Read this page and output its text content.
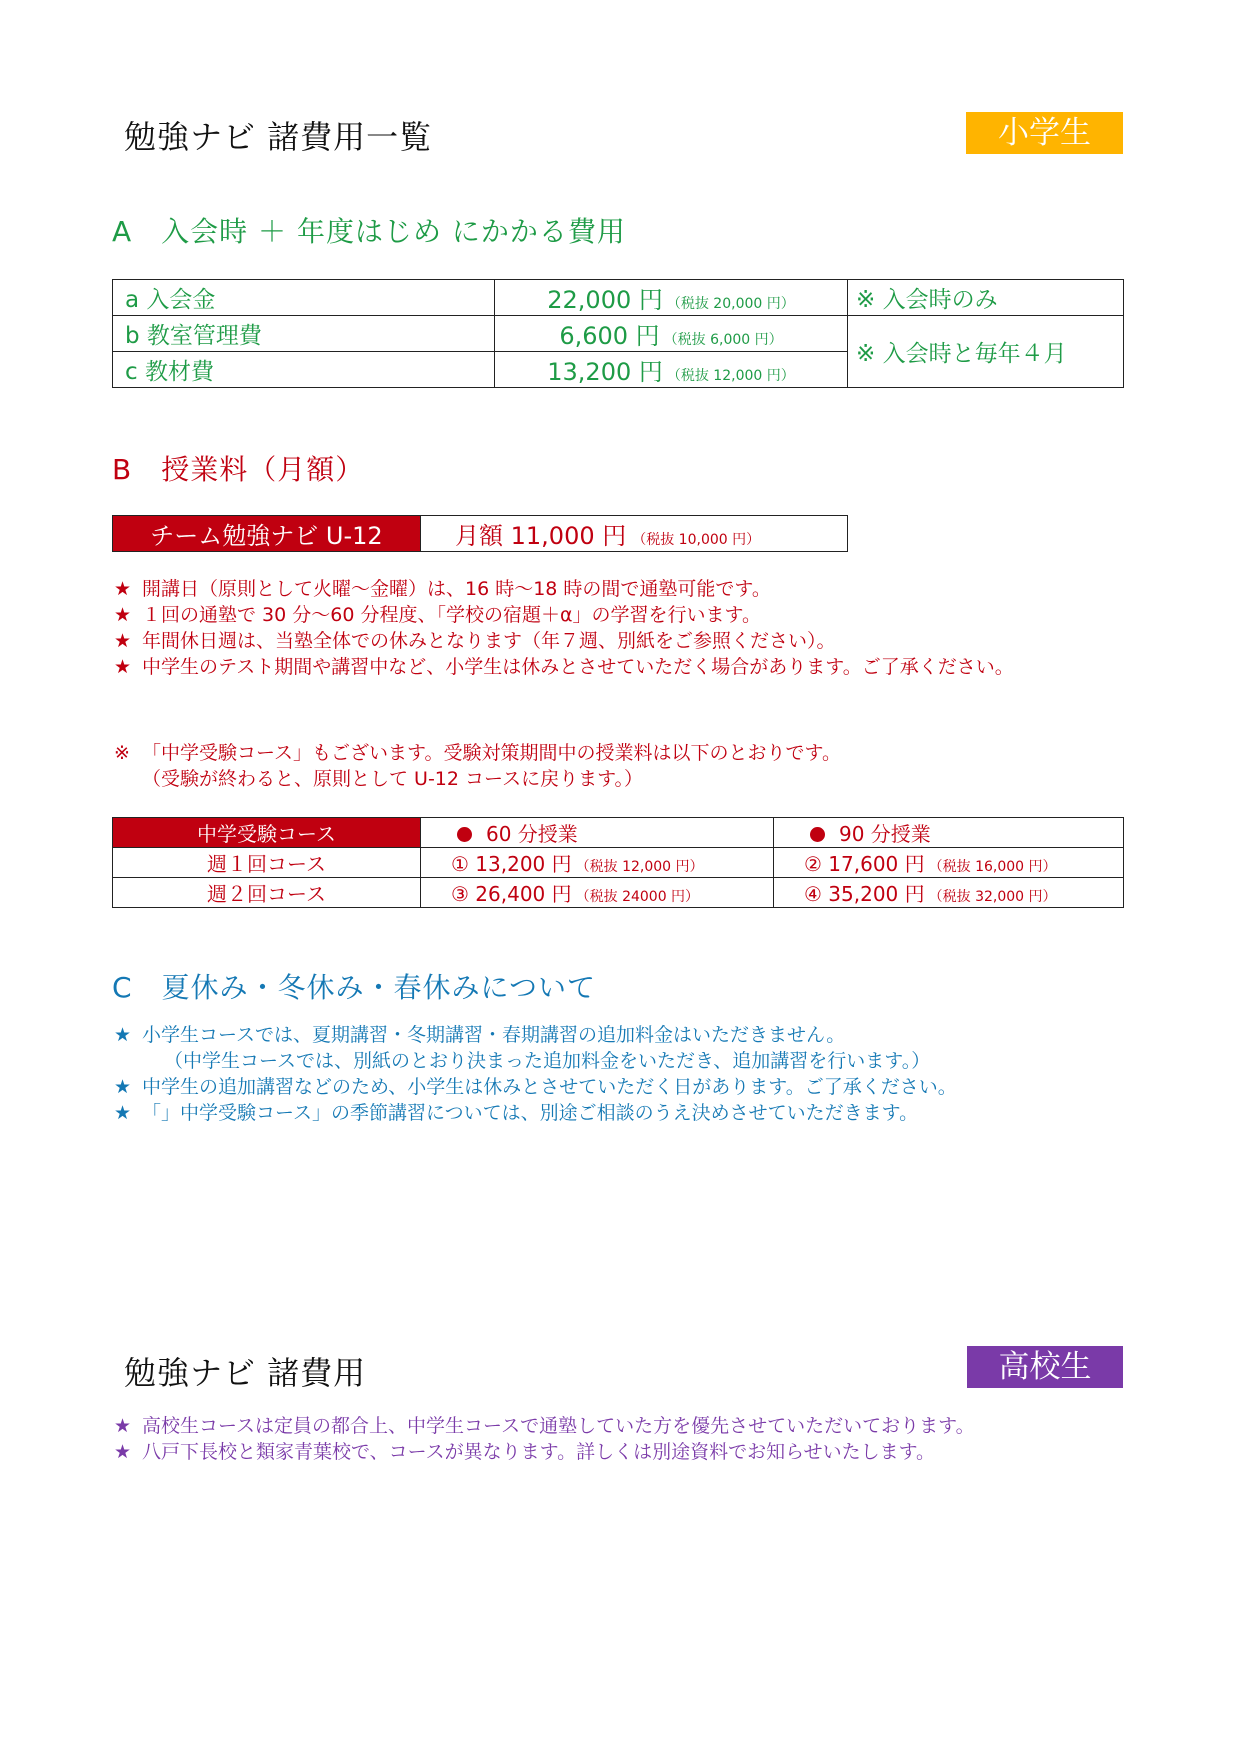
勉強ナビ 諸費用一覧	小学生
A　入会時 ＋ 年度はじめ にかかる費用
a 入会金	22,000 円 （税抜 20,000 円）	※ 入会時のみ
b 教室管理費	6,600 円 （税抜 6,000 円）	※ 入会時と毎年４月
c 教材費	13,200 円 （税抜 12,000 円）	
B　授業料（月額）
チーム勉強ナビ U-12	月額 11,000 円 （税抜 10,000 円）
★ 開講日（原則として火曜～金曜）は、16 時～18 時の間で通塾可能です。
★ １回の通塾で 30 分～60 分程度、「学校の宿題＋α」の学習を行います。
★ 年間休日週は、当塾全体での休みとなります（年７週、別紙をご参照ください）。
★ 中学生のテスト期間や講習中など、小学生は休みとさせていただく場合があります。ご了承ください。
※ 「中学受験コース」もございます。受験対策期間中の授業料は以下のとおりです。
（受験が終わると、原則として U-12 コースに戻ります。）
中学受験コース	60 分授業	90 分授業
週１回コース	① 13,200 円 （税抜 12,000 円）	② 17,600 円 （税抜 16,000 円）
週２回コース	③ 26,400 円 （税抜 24000 円）	④ 35,200 円 （税抜 32,000 円）
C　夏休み・冬休み・春休みについて
★ 小学生コースでは、夏期講習・冬期講習・春期講習の追加料金はいただきません。
（中学生コースでは、別紙のとおり決まった追加料金をいただき、追加講習を行います。）
★ 中学生の追加講習などのため、小学生は休みとさせていただく日があります。ご了承ください。
★ 「」中学受験コース」の季節講習については、別途ご相談のうえ決めさせていただきます。
勉強ナビ 諸費用	高校生
★ 高校生コースは定員の都合上、中学生コースで通塾していた方を優先させていただいております。
★ 八戸下長校と類家青葉校で、コースが異なります。詳しくは別途資料でお知らせいたします。
